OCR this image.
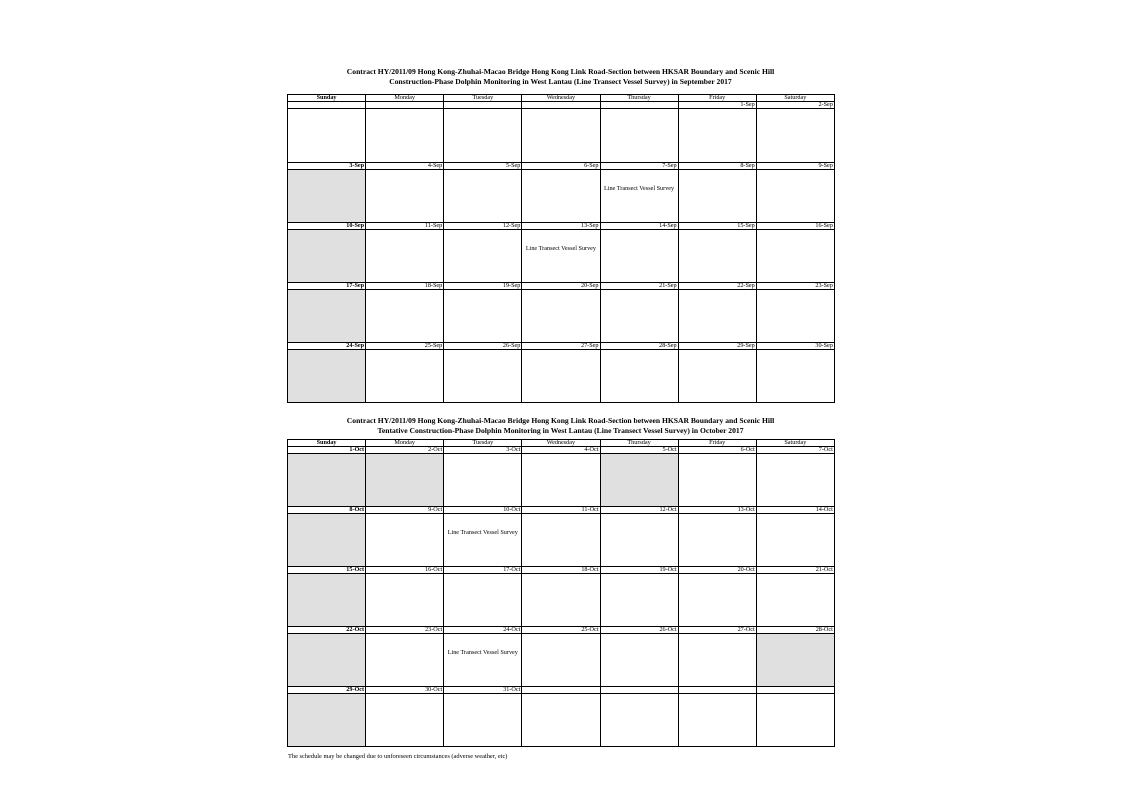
Contract HY/2011/09 Hong Kong-Zhuhai-Macao Bridge Hong Kong Link Road-Section between HKSAR Boundary and Scenic Hill
Construction-Phase Dolphin Monitoring in West Lantau (Line Transect Vessel Survey) in September 2017
Sunday	Monday	Tuesday	Wednesday	Thursday	Friday	Saturday
					1-Sep	2-Sep

3-Sep	4-Sep	5-Sep	6-Sep	7-Sep	8-Sep	9-Sep

				Line Transect Vessel Survey		

10-Sep	11-Sep	12-Sep	13-Sep	14-Sep	15-Sep	16-Sep

			Line Transect Vessel Survey			

17-Sep	18-Sep	19-Sep	20-Sep	21-Sep	22-Sep	23-Sep

24-Sep	25-Sep	26-Sep	27-Sep	28-Sep	29-Sep	30-Sep

Contract HY/2011/09 Hong Kong-Zhuhai-Macao Bridge Hong Kong Link Road-Section between HKSAR Boundary and Scenic Hill
Tentative Construction-Phase Dolphin Monitoring in West Lantau (Line Transect Vessel Survey) in October 2017
Sunday	Monday	Tuesday	Wednesday	Thursday	Friday	Saturday
1-Oct	2-Oct	3-Oct	4-Oct	5-Oct	6-Oct	7-Oct

8-Oct	9-Oct	10-Oct	11-Oct	12-Oct	13-Oct	14-Oct

		Line Transect Vessel Survey				

15-Oct	16-Oct	17-Oct	18-Oct	19-Oct	20-Oct	21-Oct

22-Oct	23-Oct	24-Oct	25-Oct	26-Oct	27-Oct	28-Oct

		Line Transect Vessel Survey				

29-Oct	30-Oct	31-Oct				

The schedule may be changed due to unforeseen circumstances (adverse weather, etc)
